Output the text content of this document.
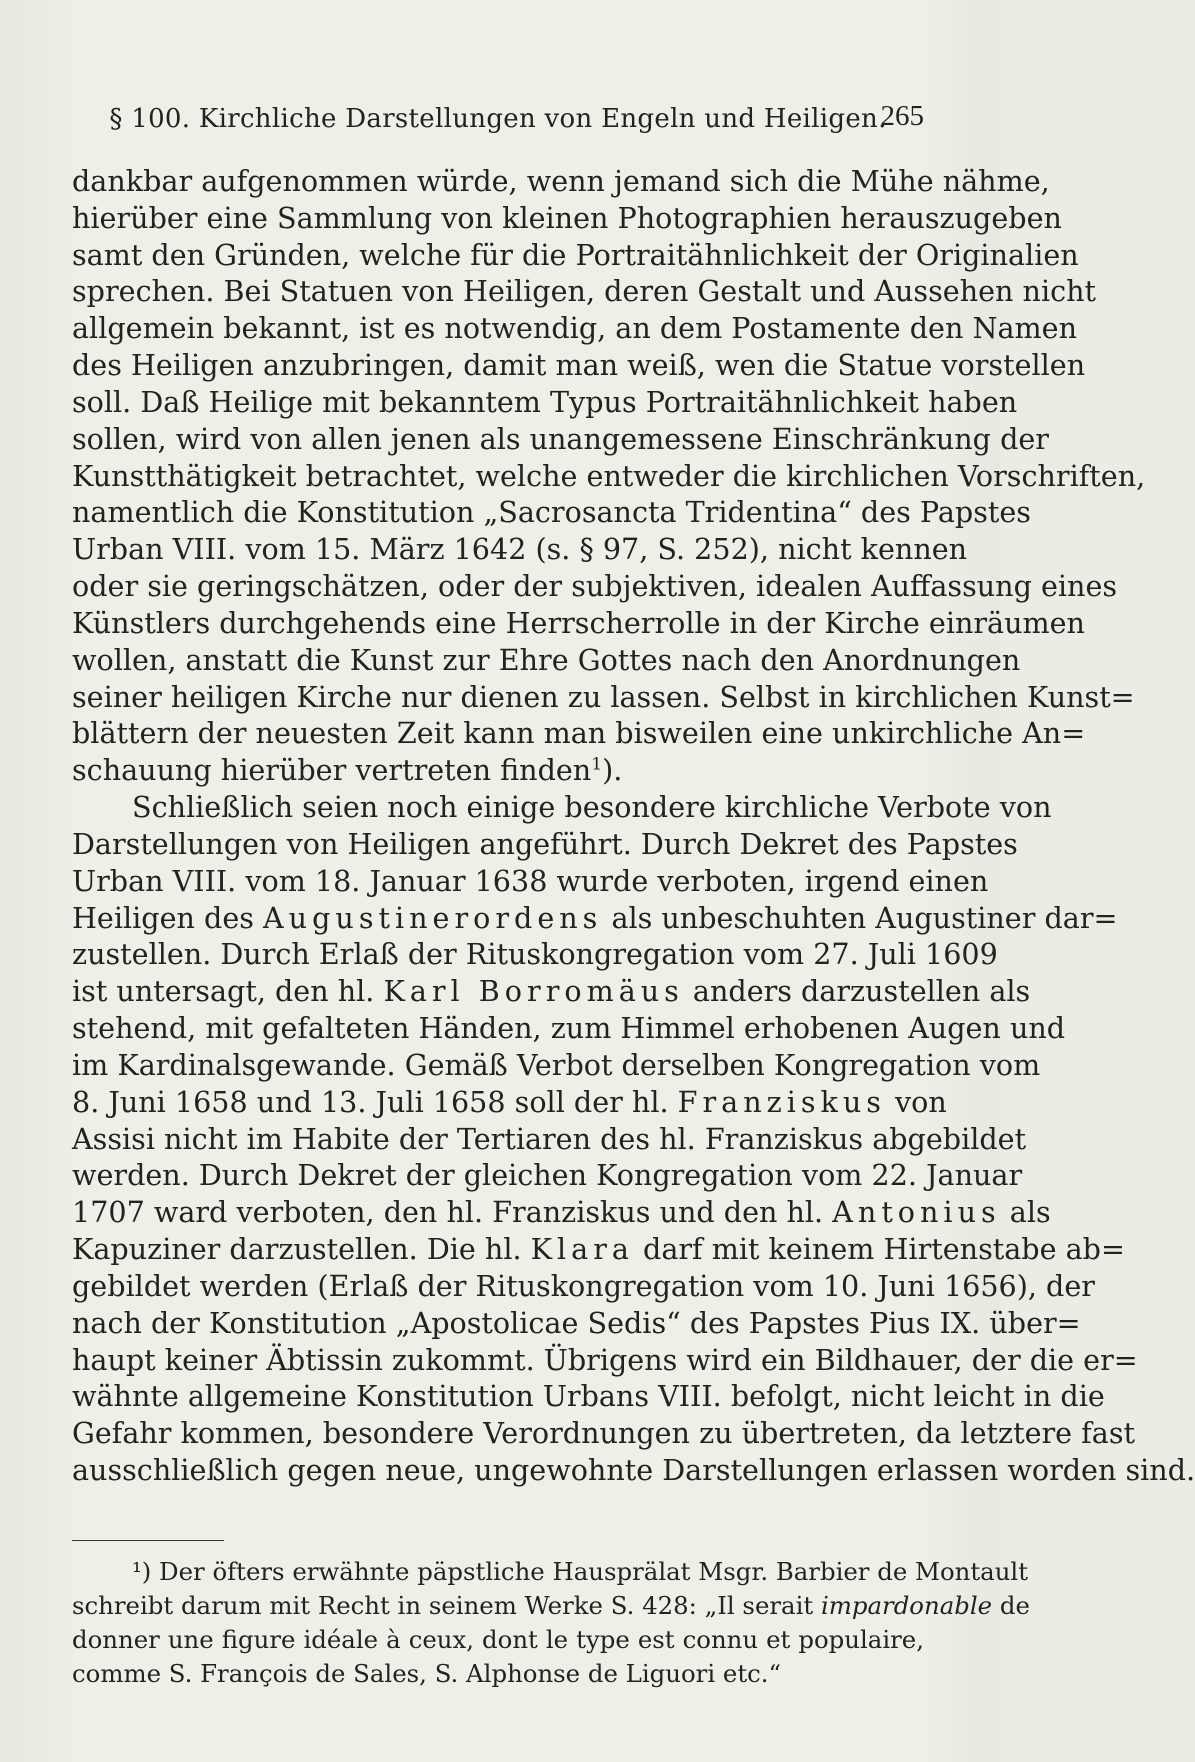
§ 100. Kirchliche Darstellungen von Engeln und Heiligen.
265
dankbar aufgenommen würde, wenn jemand sich die Mühe nähme,
hierüber eine Sammlung von kleinen Photographien herauszugeben
samt den Gründen, welche für die Portraitähnlichkeit der Originalien
sprechen. Bei Statuen von Heiligen, deren Gestalt und Aussehen nicht
allgemein bekannt, ist es notwendig, an dem Postamente den Namen
des Heiligen anzubringen, damit man weiß, wen die Statue vorstellen
soll. Daß Heilige mit bekanntem Typus Portraitähnlichkeit haben
sollen, wird von allen jenen als unangemessene Einschränkung der
Kunstthätigkeit betrachtet, welche entweder die kirchlichen Vorschriften,
namentlich die Konstitution „Sacrosancta Tridentina“ des Papstes
Urban VIII. vom 15. März 1642 (s. § 97, S. 252), nicht kennen
oder sie geringschätzen, oder der subjektiven, idealen Auffassung eines
Künstlers durchgehends eine Herrscherrolle in der Kirche einräumen
wollen, anstatt die Kunst zur Ehre Gottes nach den Anordnungen
seiner heiligen Kirche nur dienen zu lassen. Selbst in kirchlichen Kunst=
blättern der neuesten Zeit kann man bisweilen eine unkirchliche An=
schauung hierüber vertreten finden$^1$).
Schließlich seien noch einige besondere kirchliche Verbote von
Darstellungen von Heiligen angeführt. Durch Dekret des Papstes
Urban VIII. vom 18. Januar 1638 wurde verboten, irgend einen
Heiligen des Augustinerordens als unbeschuhten Augustiner dar=
zustellen. Durch Erlaß der Rituskongregation vom 27. Juli 1609
ist untersagt, den hl. Karl Borromäus anders darzustellen als
stehend, mit gefalteten Händen, zum Himmel erhobenen Augen und
im Kardinalsgewande. Gemäß Verbot derselben Kongregation vom
8. Juni 1658 und 13. Juli 1658 soll der hl. Franziskus von
Assisi nicht im Habite der Tertiaren des hl. Franziskus abgebildet
werden. Durch Dekret der gleichen Kongregation vom 22. Januar
1707 ward verboten, den hl. Franziskus und den hl. Antonius als
Kapuziner darzustellen. Die hl. Klara darf mit keinem Hirtenstabe ab=
gebildet werden (Erlaß der Rituskongregation vom 10. Juni 1656), der
nach der Konstitution „Apostolicae Sedis“ des Papstes Pius IX. über=
haupt keiner Äbtissin zukommt. Übrigens wird ein Bildhauer, der die er=
wähnte allgemeine Konstitution Urbans VIII. befolgt, nicht leicht in die
Gefahr kommen, besondere Verordnungen zu übertreten, da letztere fast
ausschließlich gegen neue, ungewohnte Darstellungen erlassen worden sind.
¹) Der öfters erwähnte päpstliche Hausprälat Msgr. Barbier de Montault
schreibt darum mit Recht in seinem Werke S. 428: „Il serait impardonable de
donner une figure idéale à ceux, dont le type est connu et populaire,
comme S. François de Sales, S. Alphonse de Liguori etc.“
